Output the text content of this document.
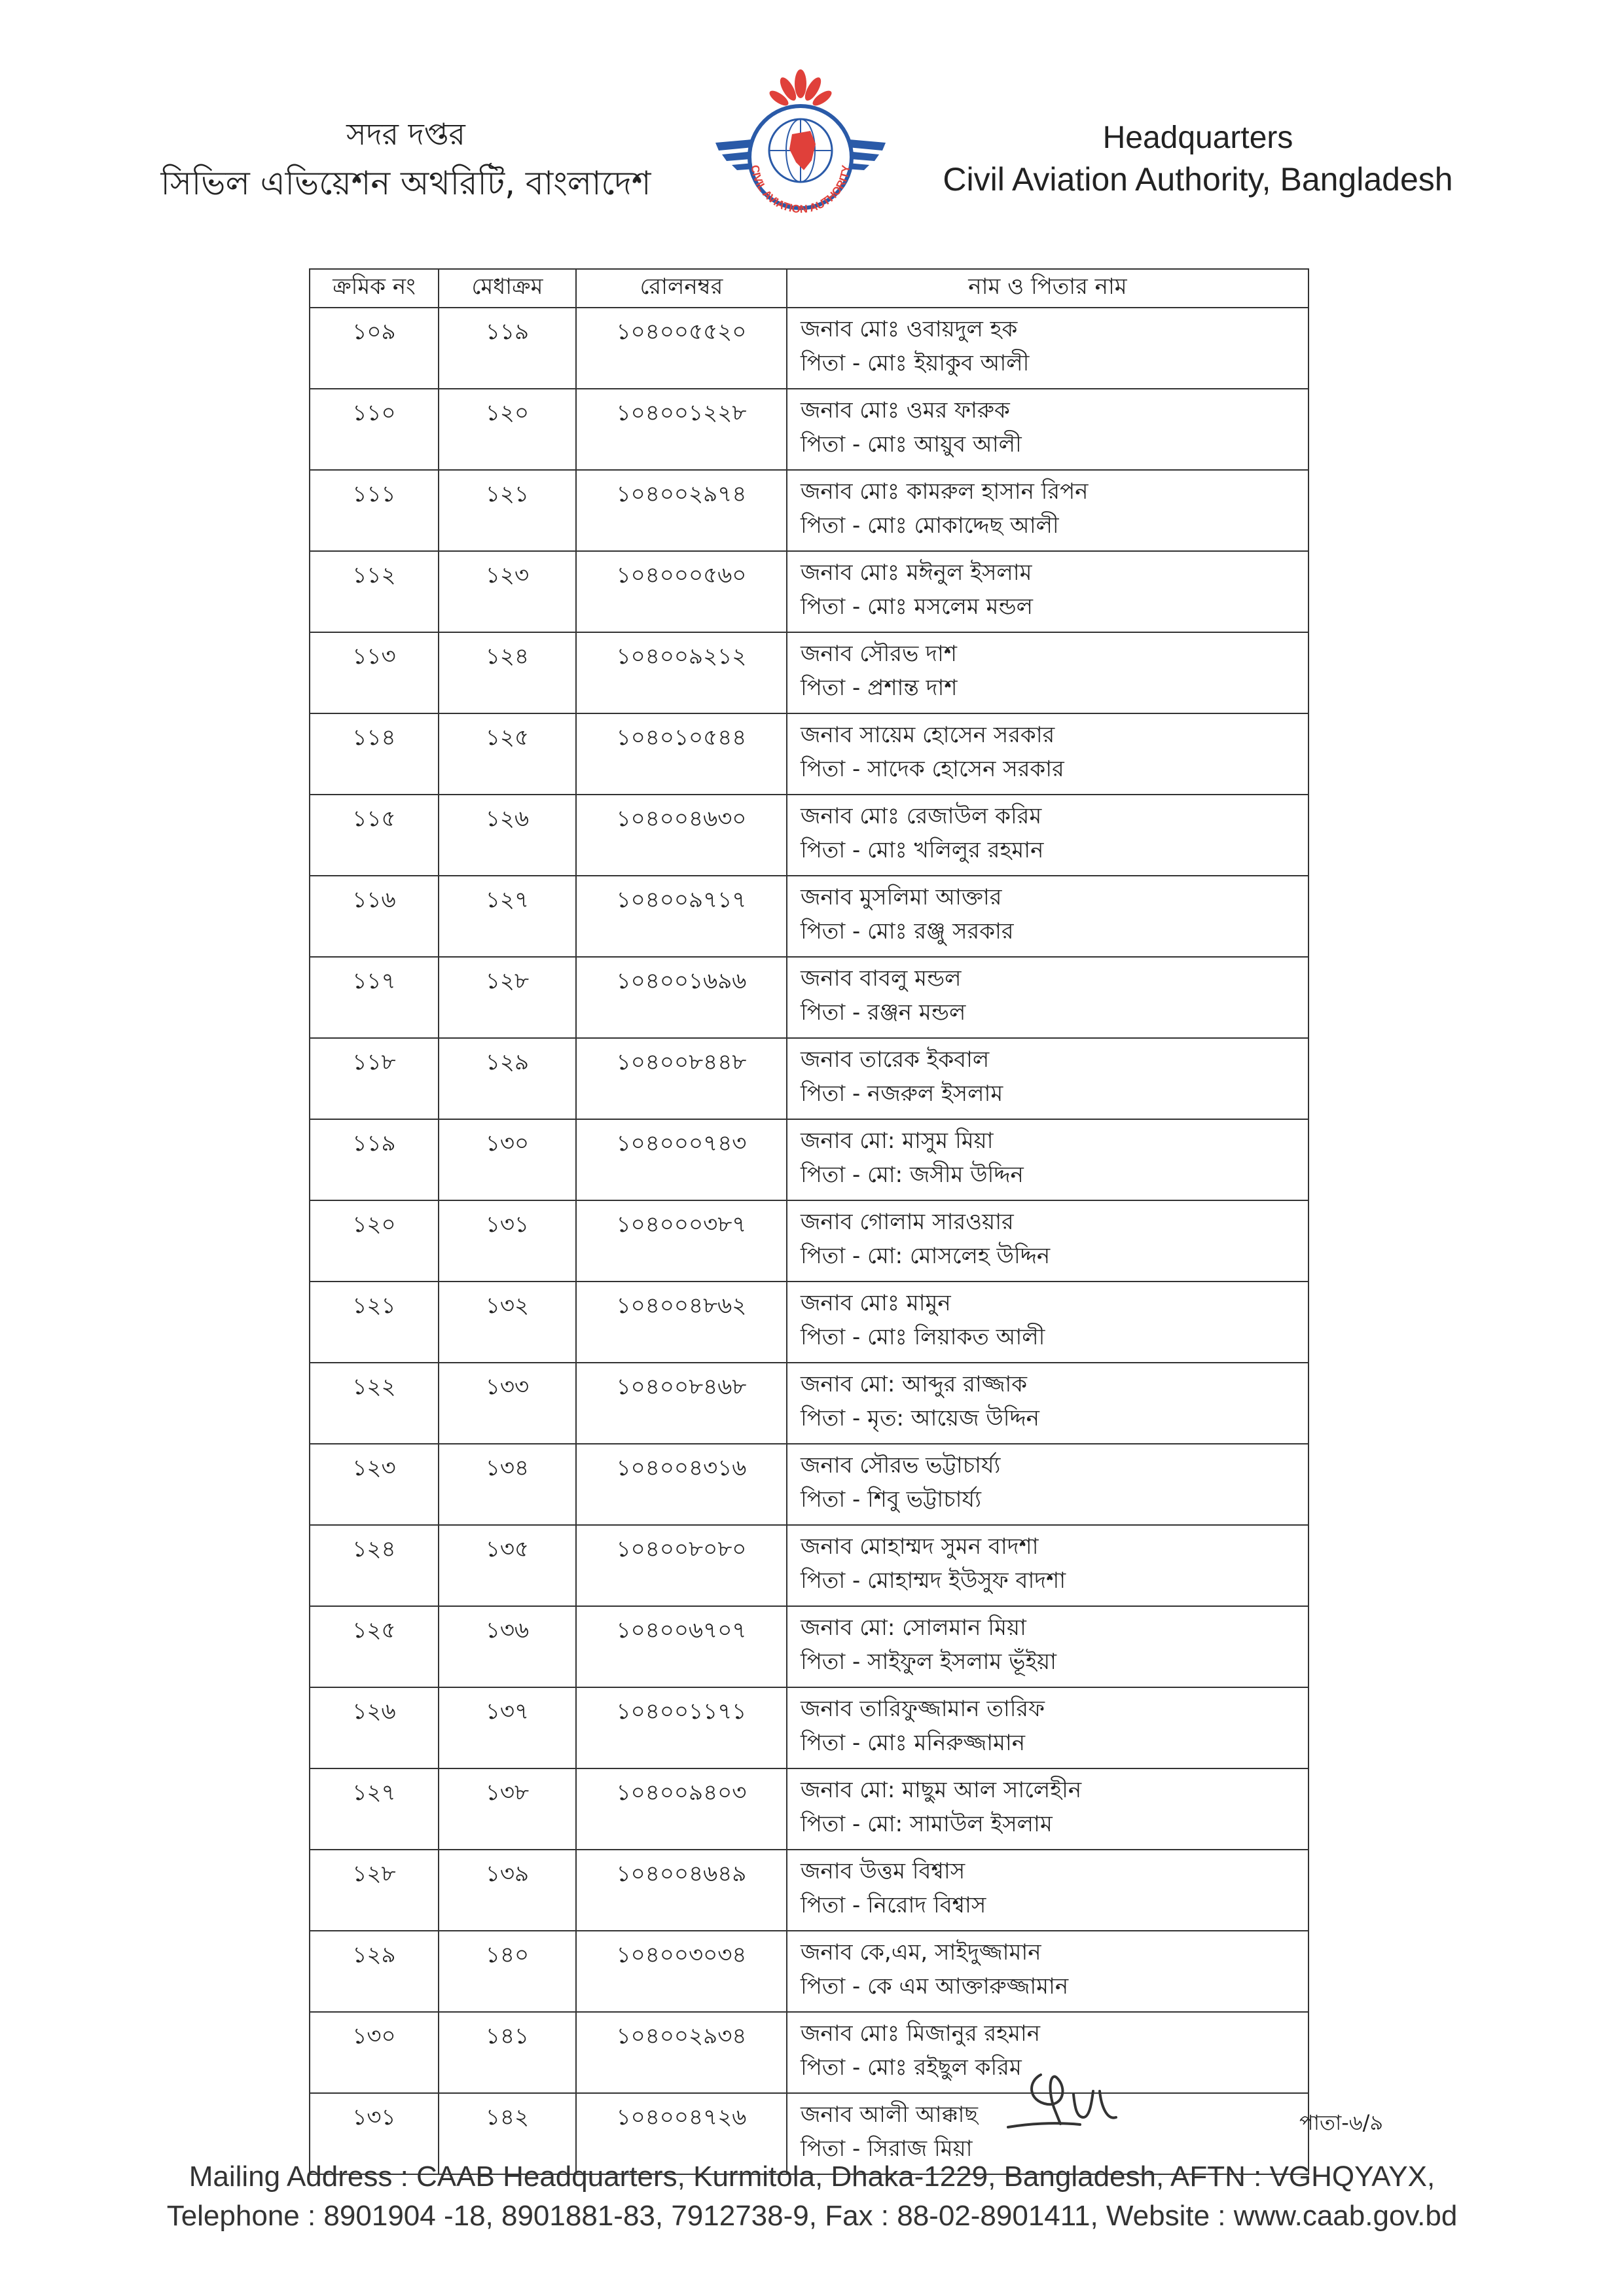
সদর দপ্তর
সিভিল এভিয়েশন অথরিটি, বাংলাদেশ	CIVIL AVIATION AUTHORITY
Headquarters
Civil Aviation Authority, Bangladesh
ক্রমিক নং	মেধাক্রম	রোলনম্বর	নাম ও পিতার নাম
১০৯	১১৯	১০৪০০৫৫২০	জনাব মোঃ ওবায়দুল হক
পিতা - মোঃ ইয়াকুব আলী

১১০	১২০	১০৪০০১২২৮	জনাব মোঃ ওমর ফারুক
পিতা - মোঃ আয়ুব আলী

১১১	১২১	১০৪০০২৯৭৪	জনাব মোঃ কামরুল হাসান রিপন
পিতা - মোঃ মোকাদ্দেছ আলী

১১২	১২৩	১০৪০০০৫৬০	জনাব মোঃ মঈনুল ইসলাম
পিতা - মোঃ মসলেম মন্ডল

১১৩	১২৪	১০৪০০৯২১২	জনাব সৌরভ দাশ
পিতা - প্রশান্ত দাশ

১১৪	১২৫	১০৪০১০৫৪৪	জনাব সায়েম হোসেন সরকার
পিতা - সাদেক হোসেন সরকার

১১৫	১২৬	১০৪০০৪৬৩০	জনাব মোঃ রেজাউল করিম
পিতা - মোঃ খলিলুর রহমান

১১৬	১২৭	১০৪০০৯৭১৭	জনাব মুসলিমা আক্তার
পিতা - মোঃ রঞ্জু সরকার

১১৭	১২৮	১০৪০০১৬৯৬	জনাব বাবলু মন্ডল
পিতা - রঞ্জন মন্ডল

১১৮	১২৯	১০৪০০৮৪৪৮	জনাব তারেক ইকবাল
পিতা - নজরুল ইসলাম

১১৯	১৩০	১০৪০০০৭৪৩	জনাব মো: মাসুম মিয়া
পিতা - মো: জসীম উদ্দিন

১২০	১৩১	১০৪০০০৩৮৭	জনাব গোলাম সারওয়ার
পিতা - মো: মোসলেহ উদ্দিন

১২১	১৩২	১০৪০০৪৮৬২	জনাব মোঃ মামুন
পিতা - মোঃ লিয়াকত আলী

১২২	১৩৩	১০৪০০৮৪৬৮	জনাব মো: আব্দুর রাজ্জাক
পিতা - মৃত: আয়েজ উদ্দিন

১২৩	১৩৪	১০৪০০৪৩১৬	জনাব সৌরভ ভট্টাচার্য্য
পিতা - শিবু ভট্টাচার্য্য

১২৪	১৩৫	১০৪০০৮০৮০	জনাব মোহাম্মদ সুমন বাদশা
পিতা - মোহাম্মদ ইউসুফ বাদশা

১২৫	১৩৬	১০৪০০৬৭০৭	জনাব মো: সোলমান মিয়া
পিতা - সাইফুল ইসলাম ভূঁইয়া

১২৬	১৩৭	১০৪০০১১৭১	জনাব তারিফুজ্জামান তারিফ
পিতা - মোঃ মনিরুজ্জামান

১২৭	১৩৮	১০৪০০৯৪০৩	জনাব মো: মাছুম আল সালেহীন
পিতা - মো: সামাউল ইসলাম

১২৮	১৩৯	১০৪০০৪৬৪৯	জনাব উত্তম বিশ্বাস
পিতা - নিরোদ বিশ্বাস

১২৯	১৪০	১০৪০০৩০৩৪	জনাব কে,এম, সাইদুজ্জামান
পিতা - কে এম আক্তারুজ্জামান

১৩০	১৪১	১০৪০০২৯৩৪	জনাব মোঃ মিজানুর রহমান
পিতা - মোঃ রইছুল করিম

১৩১	১৪২	১০৪০০৪৭২৬	জনাব আলী আক্কাছ
পিতা - সিরাজ মিয়া
পাতা-৬/৯
Mailing Address : CAAB Headquarters, Kurmitola, Dhaka-1229, Bangladesh, AFTN : VGHQYAYX,
Telephone : 8901904 -18, 8901881-83, 7912738-9, Fax : 88-02-8901411, Website : www.caab.gov.bd
